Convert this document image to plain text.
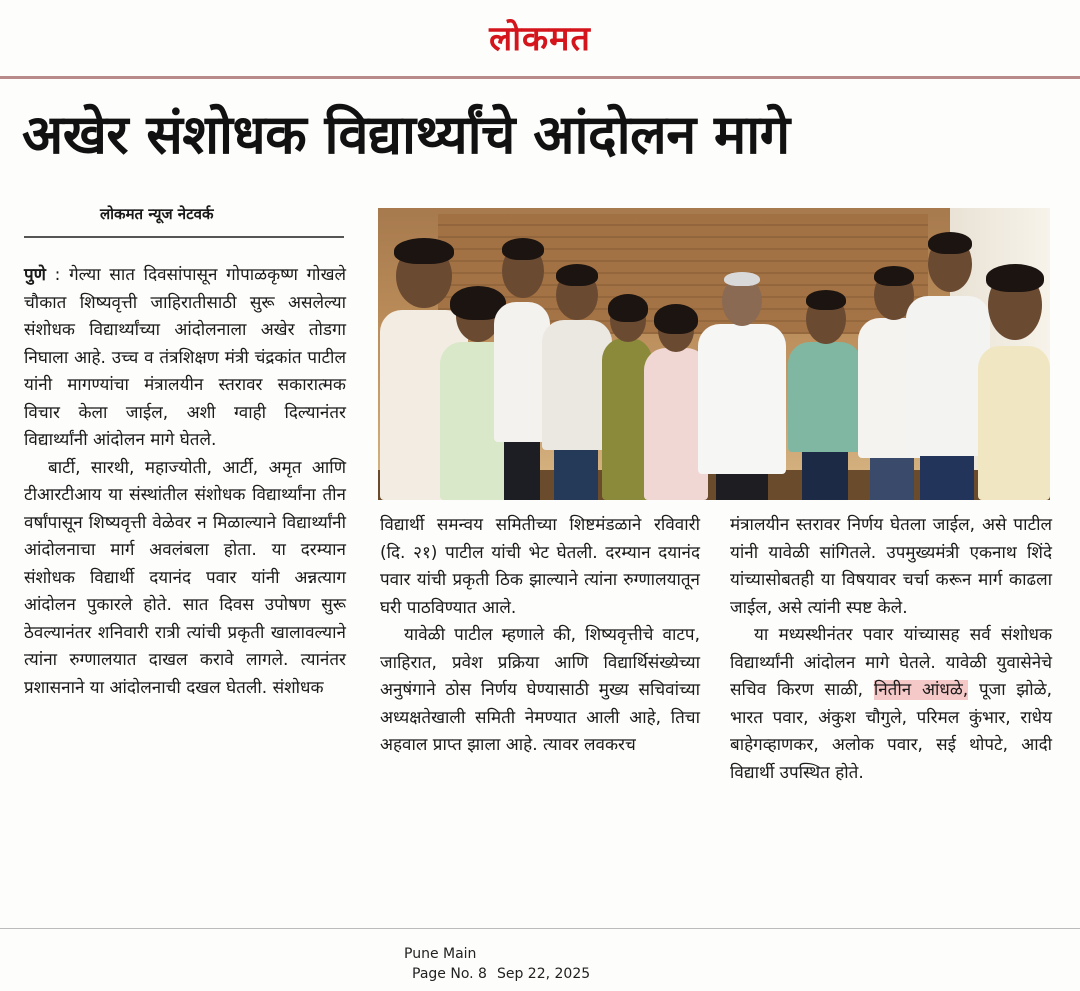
लोकमत
अखेर संशोधक विद्यार्थ्यांचे आंदोलन मागे
लोकमत न्यूज नेटवर्क

पुणे : गेल्या सात दिवसांपासून गोपाळकृष्ण गोखले चौकात शिष्यवृत्ती जाहिरातीसाठी सुरू असलेल्या संशोधक विद्यार्थ्यांच्या आंदोलनाला अखेर तोडगा निघाला आहे. उच्च व तंत्रशिक्षण मंत्री चंद्रकांत पाटील यांनी मागण्यांचा मंत्रालयीन स्तरावर सकारात्मक विचार केला जाईल, अशी ग्वाही दिल्यानंतर विद्यार्थ्यांनी आंदोलन मागे घेतले.

बार्टी, सारथी, महाज्योती, आर्टी, अमृत आणि टीआरटीआय या संस्थांतील संशोधक विद्यार्थ्यांना तीन वर्षांपासून शिष्यवृत्ती वेळेवर न मिळाल्याने विद्यार्थ्यांनी आंदोलनाचा मार्ग अवलंबला होता. या दरम्यान संशोधक विद्यार्थी दयानंद पवार यांनी अन्नत्याग आंदोलन पुकारले होते. सात दिवस उपोषण सुरू ठेवल्यानंतर शनिवारी रात्री त्यांची प्रकृती खालावल्याने त्यांना रुग्णालयात दाखल करावे लागले. त्यानंतर प्रशासनाने या आंदोलनाची दखल घेतली. संशोधक

विद्यार्थी समन्वय समितीच्या शिष्टमंडळाने रविवारी (दि. २१) पाटील यांची भेट घेतली. दरम्यान दयानंद पवार यांची प्रकृती ठिक झाल्याने त्यांना रुग्णालयातून घरी पाठविण्यात आले.

यावेळी पाटील म्हणाले की, शिष्यवृत्तीचे वाटप, जाहिरात, प्रवेश प्रक्रिया आणि विद्यार्थिसंख्येच्या अनुषंगाने ठोस निर्णय घेण्यासाठी मुख्य सचिवांच्या अध्यक्षतेखाली समिती नेमण्यात आली आहे, तिचा अहवाल प्राप्त झाला आहे. त्यावर लवकरच

मंत्रालयीन स्तरावर निर्णय घेतला जाईल, असे पाटील यांनी यावेळी सांगितले. उपमुख्यमंत्री एकनाथ शिंदे यांच्यासोबतही या विषयावर चर्चा करून मार्ग काढला जाईल, असे त्यांनी स्पष्ट केले.

या मध्यस्थीनंतर पवार यांच्यासह सर्व संशोधक विद्यार्थ्यांनी आंदोलन मागे घेतले. यावेळी युवासेनेचे सचिव किरण साळी, नितीन आंधळे, पूजा झोळे, भारत पवार, अंकुश चौगुले, परिमल कुंभार, राधेय बाहेगव्हाणकर, अलोक पवार, सई थोपटे, आदी विद्यार्थी उपस्थित होते.

Pune Main
Page No. 8 Sep 22, 2025
